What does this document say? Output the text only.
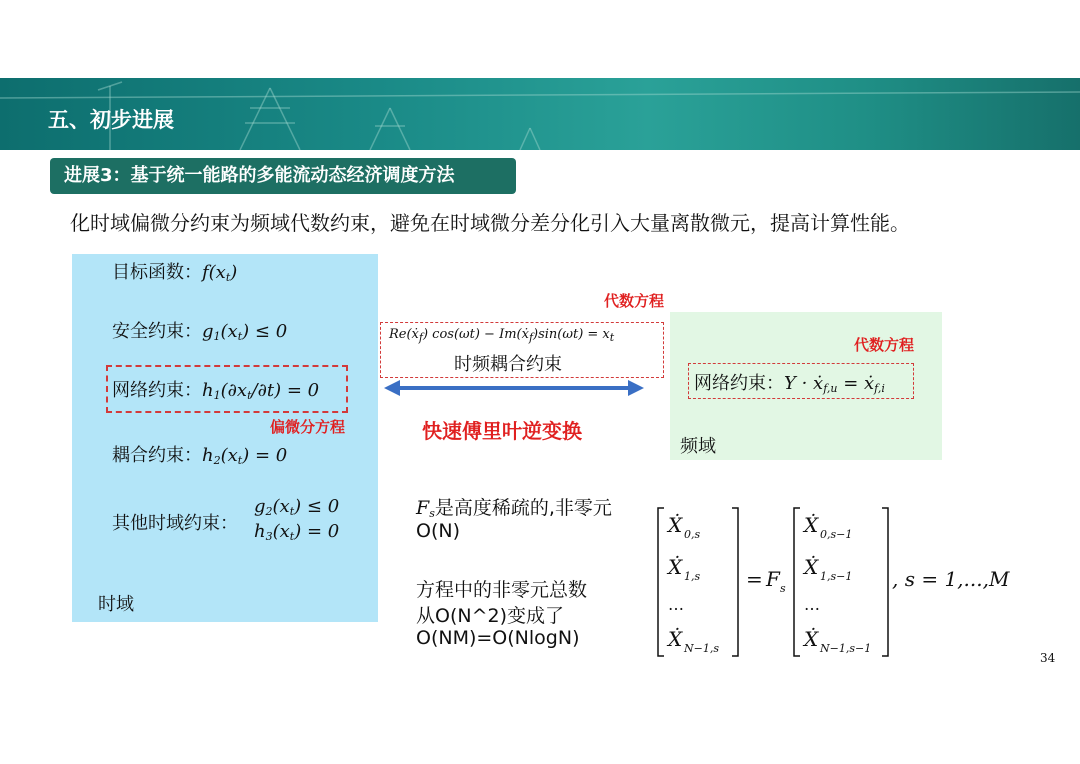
五、初步进展
进展3：基于统一能路的多能流动态经济调度方法
化时域偏微分约束为频域代数约束，避免在时域微分差分化引入大量离散微元，提高计算性能。
目标函数：$f(x_t)$
安全约束：$g_1(x_t) \le 0$
网络约束：$h_1(\partial x_t/\partial t) = 0$
偏微分方程
耦合约束：$h_2(x_t) = 0$
其他时域约束：
$g_2(x_t) \le 0$
$h_3(x_t) = 0$
时域
代数方程
Re(ẋ$_f$) cos(ωt) − Im(ẋ$_f$)sin(ωt) = $x_t$
时频耦合约束
快速傅里叶逆变换
代数方程
网络约束：Y · ẋ$_{f,u}$ = ẋ$_{f,i}$
频域
$F_s$是高度稀疏的,非零元
O(N)
方程中的非零元总数
从O(N^2)变成了
O(NM)=O(NlogN)
Ẋ 0,s
Ẋ 1,s
…
Ẋ N−1,s
= F s
Ẋ 0,s−1
Ẋ 1,s−1
…
Ẋ N−1,s−1
, s = 1,...,M
34
